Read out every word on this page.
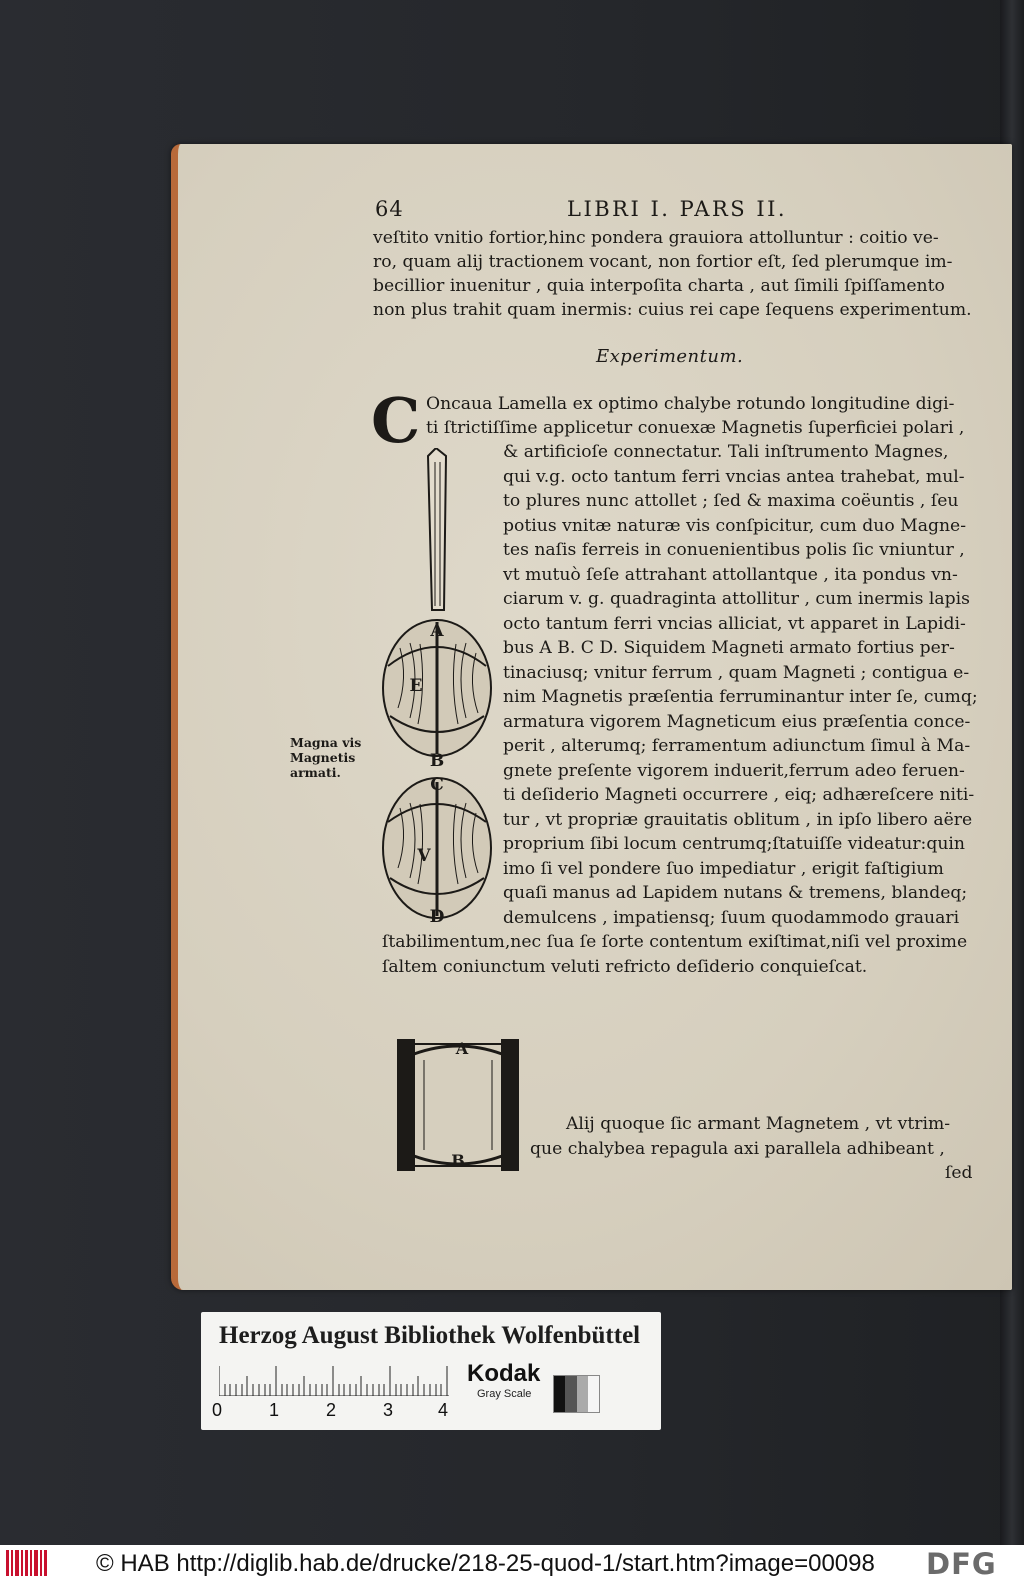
64	LIBRI I. PARS II.
veſtito vnitio fortior,hinc pondera grauiora attolluntur : coitio ve-
ro, quam alij tractionem vocant, non fortior eſt, ſed plerumque im-
becillior inuenitur , quia interpoſita charta , aut ſimili ſpiſſamento
non plus trahit quam inermis: cuius rei cape ſequens experimentum.
Experimentum.
C Oncaua Lamella ex optimo chalybe rotundo longitudine digi-
ti ſtrictiſſime applicetur conuexæ Magnetis ſuperficiei polari ,
& artificioſe connectatur. Tali inſtrumento Magnes,
qui v.g. octo tantum ferri vncias antea trahebat, mul-
to plures nunc attollet ; ſed & maxima coëuntis , ſeu
potius vnitæ naturæ vis conſpicitur, cum duo Magne-
tes naſis ferreis in conuenientibus polis ſic vniuntur ,
vt mutuò ſeſe attrahant attollantque , ita pondus vn-
ciarum v. g. quadraginta attollitur , cum inermis lapis
octo tantum ferri vncias alliciat, vt apparet in Lapidi-
bus A B. C D. Siquidem Magneti armato fortius per-
tinaciusq; vnitur ferrum , quam Magneti ; contigua e-
nim Magnetis præſentia ferruminantur inter ſe, cumq;
armatura vigorem Magneticum eius præſentia conce-
perit , alterumq; ferramentum adiunctum ſimul à Ma-
gnete preſente vigorem induerit,ferrum adeo feruen-
ti deſiderio Magneti occurrere , eiq; adhæreſcere niti-
tur , vt propriæ grauitatis oblitum , in ipſo libero aëre
proprium ſibi locum centrumq;ſtatuiſſe videatur:quin
imo ſi vel pondere ſuo impediatur , erigit faſtigium
quaſi manus ad Lapidem nutans & tremens, blandeq;
demulcens , impatiensq; ſuum quodammodo grauari
ſtabilimentum,nec ſua ſe ſorte contentum exiſtimat,niſi vel proxime
ſaltem coniunctum veluti refricto deſiderio conquieſcat.
Magna vis
Magnetis
armati.
A
E
B
C
V
D
A
B
Alij quoque ſic armant Magnetem , vt vtrim-
que chalybea repagula axi parallela adhibeant ,
ſed
Herzog August Bibliothek Wolfenbüttel
0	1	2	3 4
Kodak
Gray Scale
© HAB http://diglib.hab.de/drucke/218-25-quod-1/start.htm?image=00098 DFG
